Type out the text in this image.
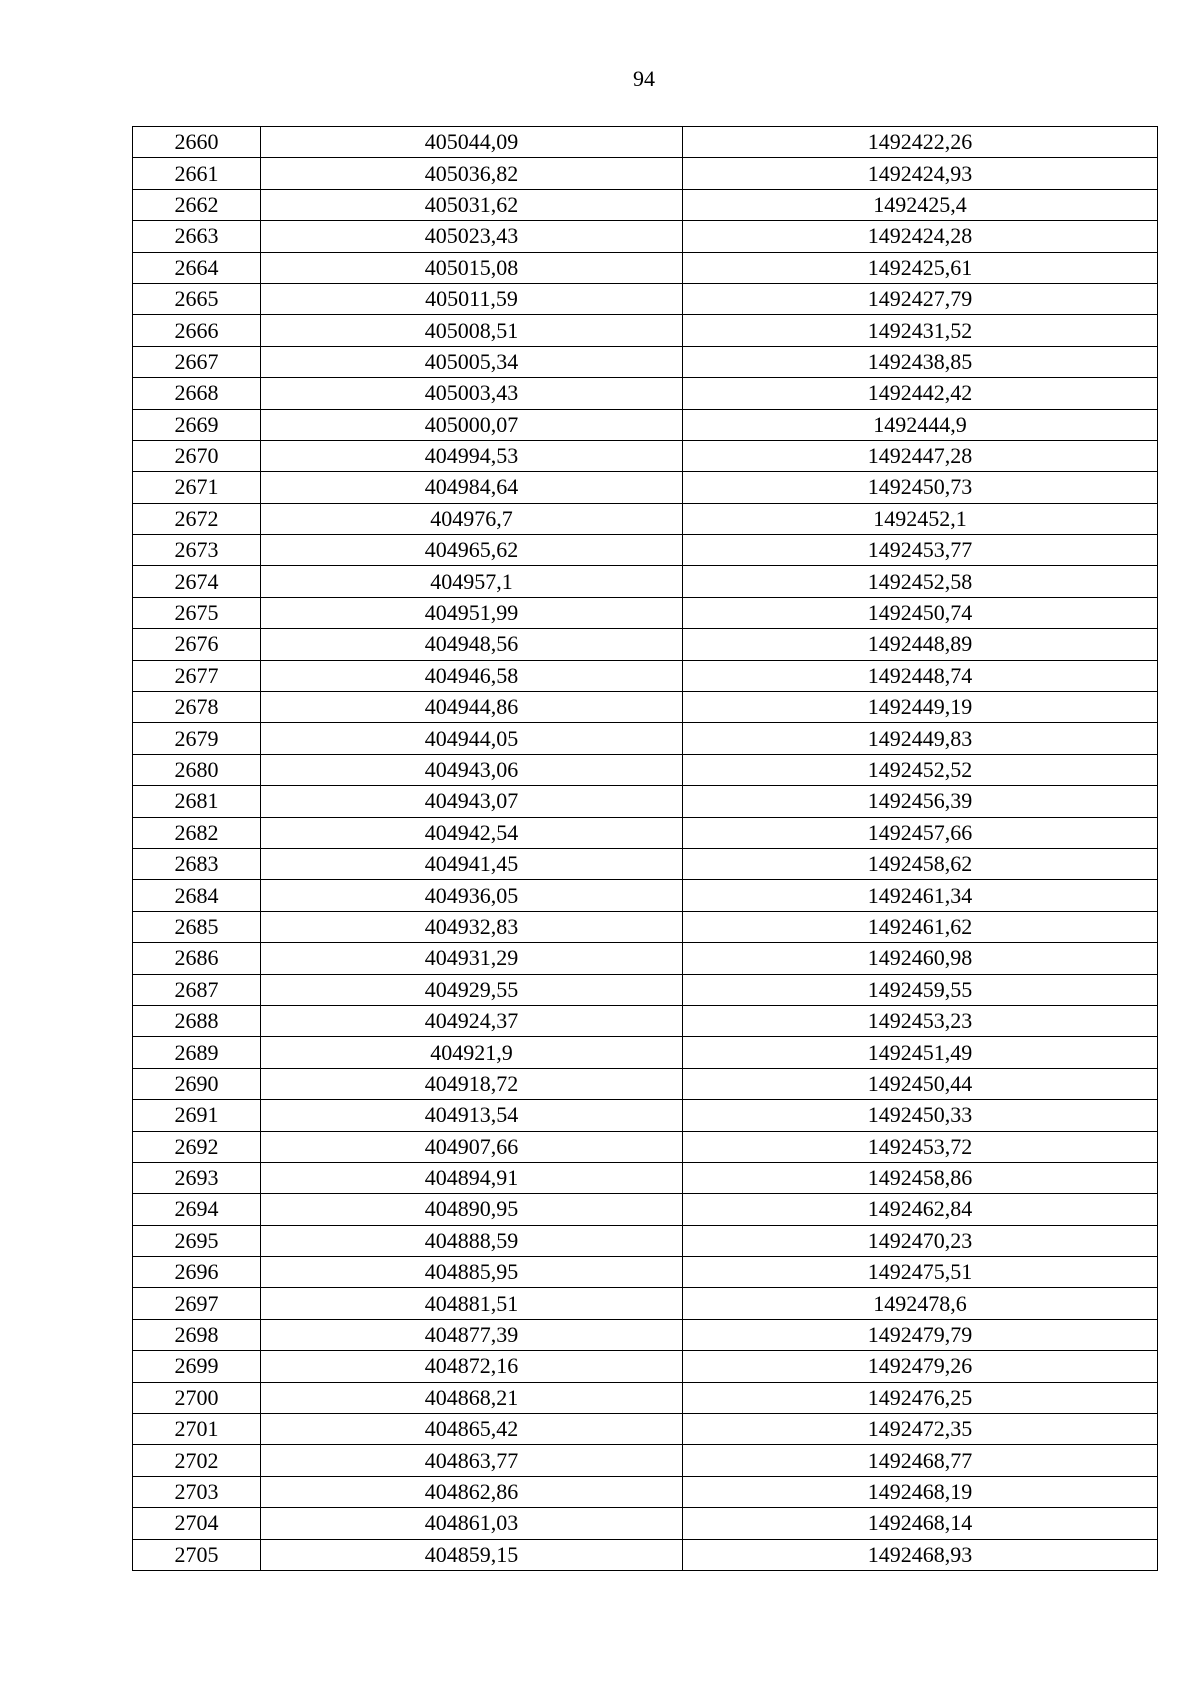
94
2660	405044,09	1492422,26
2661	405036,82	1492424,93
2662	405031,62	1492425,4
2663	405023,43	1492424,28
2664	405015,08	1492425,61
2665	405011,59	1492427,79
2666	405008,51	1492431,52
2667	405005,34	1492438,85
2668	405003,43	1492442,42
2669	405000,07	1492444,9
2670	404994,53	1492447,28
2671	404984,64	1492450,73
2672	404976,7	1492452,1
2673	404965,62	1492453,77
2674	404957,1	1492452,58
2675	404951,99	1492450,74
2676	404948,56	1492448,89
2677	404946,58	1492448,74
2678	404944,86	1492449,19
2679	404944,05	1492449,83
2680	404943,06	1492452,52
2681	404943,07	1492456,39
2682	404942,54	1492457,66
2683	404941,45	1492458,62
2684	404936,05	1492461,34
2685	404932,83	1492461,62
2686	404931,29	1492460,98
2687	404929,55	1492459,55
2688	404924,37	1492453,23
2689	404921,9	1492451,49
2690	404918,72	1492450,44
2691	404913,54	1492450,33
2692	404907,66	1492453,72
2693	404894,91	1492458,86
2694	404890,95	1492462,84
2695	404888,59	1492470,23
2696	404885,95	1492475,51
2697	404881,51	1492478,6
2698	404877,39	1492479,79
2699	404872,16	1492479,26
2700	404868,21	1492476,25
2701	404865,42	1492472,35
2702	404863,77	1492468,77
2703	404862,86	1492468,19
2704	404861,03	1492468,14
2705	404859,15	1492468,93
